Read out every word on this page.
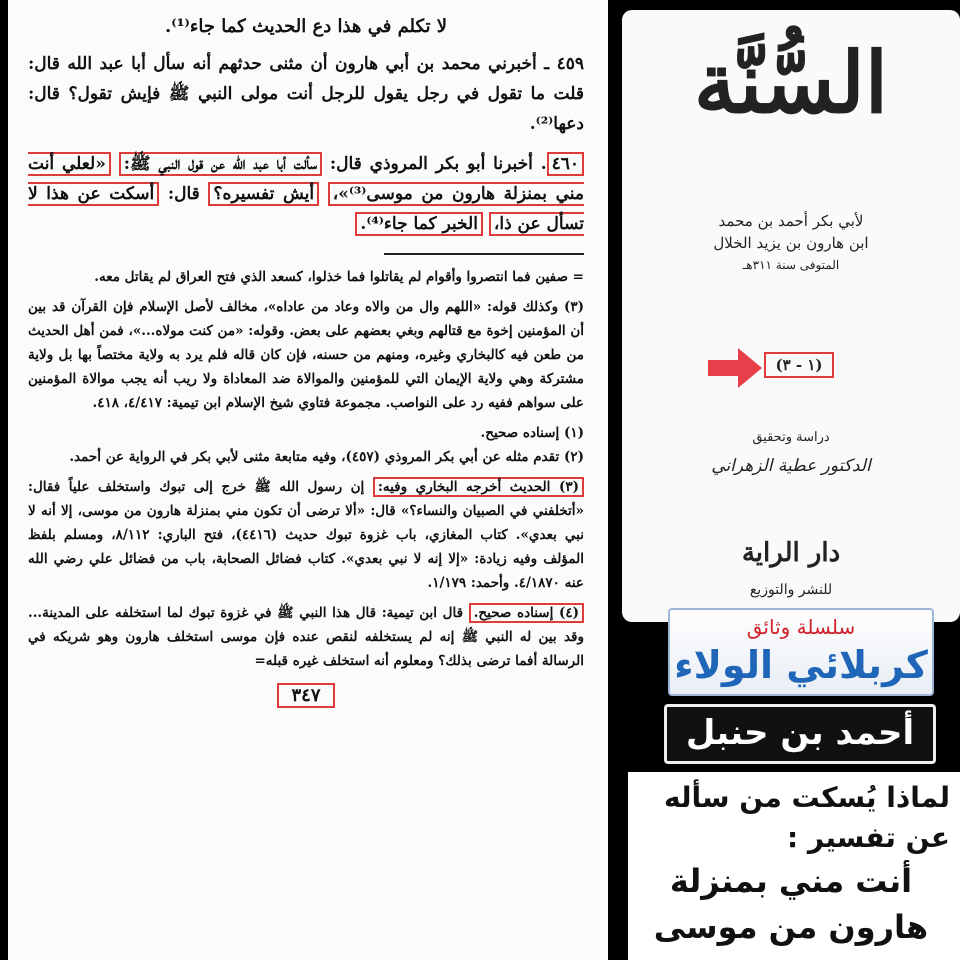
لا تكلم في هذا دع الحديث كما جاء⁽¹⁾.
٤٥٩ ـ أخبرني محمد بن أبي هارون أن مثنى حدثهم أنه سأل أبا عبد الله قال: قلت ما تقول في رجل يقول للرجل أنت مولى النبي ﷺ فإيش تقول؟ قال: دعها⁽²⁾.
٤٦٠. أخبرنا أبو بكر المروذي قال: سألت أبا عبد الله عن قول النبي ﷺ: «لعلي أنت مني بمنزلة هارون من موسى⁽³⁾»، أيش تفسيره؟ قال: أسكت عن هذا لا تسأل عن ذا، الخبر كما جاء⁽⁴⁾.
= صفين فما انتصروا وأقوام لم يقاتلوا فما خذلوا، كسعد الذي فتح العراق لم يقاتل معه.
(٣) وكذلك قوله: «اللهم وال من والاه وعاد من عاداه»، مخالف لأصل الإسلام فإن القرآن قد بين أن المؤمنين إخوة مع قتالهم وبغي بعضهم على بعض. وقوله: «من كنت مولاه...»، فمن أهل الحديث من طعن فيه كالبخاري وغيره، ومنهم من حسنه، فإن كان قاله فلم يرد به ولاية مختصاً بها بل ولاية مشتركة وهي ولاية الإيمان التي للمؤمنين والموالاة ضد المعاداة ولا ريب أنه يجب موالاة المؤمنين على سواهم ففيه رد على النواصب. مجموعة فتاوي شيخ الإسلام ابن تيمية: ٤/٤١٧، ٤١٨.
(١) إسناده صحيح.
(٢) تقدم مثله عن أبي بكر المروذي (٤٥٧)، وفيه متابعة مثنى لأبي بكر في الرواية عن أحمد.
(٣) الحديث أخرجه البخاري وفيه: إن رسول الله ﷺ خرج إلى تبوك واستخلف علياً فقال: «أتخلفني في الصبيان والنساء؟» قال: «ألا ترضى أن تكون مني بمنزلة هارون من موسى، إلا أنه لا نبي بعدي». كتاب المغازي، باب غزوة تبوك حديث (٤٤١٦)، فتح الباري: ٨/١١٢، ومسلم بلفظ المؤلف وفيه زيادة: «إلا إنه لا نبي بعدي». كتاب فضائل الصحابة، باب من فضائل علي رضي الله عنه ٤/١٨٧٠. وأحمد: ١/١٧٩.
(٤) إسناده صحيح. قال ابن تيمية: قال هذا النبي ﷺ في غزوة تبوك لما استخلفه على المدينة... وقد بين له النبي ﷺ إنه لم يستخلفه لنقص عنده فإن موسى استخلف هارون وهو شريكه في الرسالة أفما ترضى بذلك؟ ومعلوم أنه استخلف غيره قبله=
٣٤٧
السُّنَّة
لأبي بكر أحمد بن محمد
ابن هارون بن يزيد الخلال
المتوفى سنة ٣١١هـ
(١ - ٣)
دراسة وتحقيق
الدكتور عطية الزهراني
دار الراية
للنشر والتوزيع
سلسلة وثائق
كربلائي الولاء
أحمد بن حنبل
لماذا يُسكت من سأله
عن تفسير :
أنت مني بمنزلة
هارون من موسى
